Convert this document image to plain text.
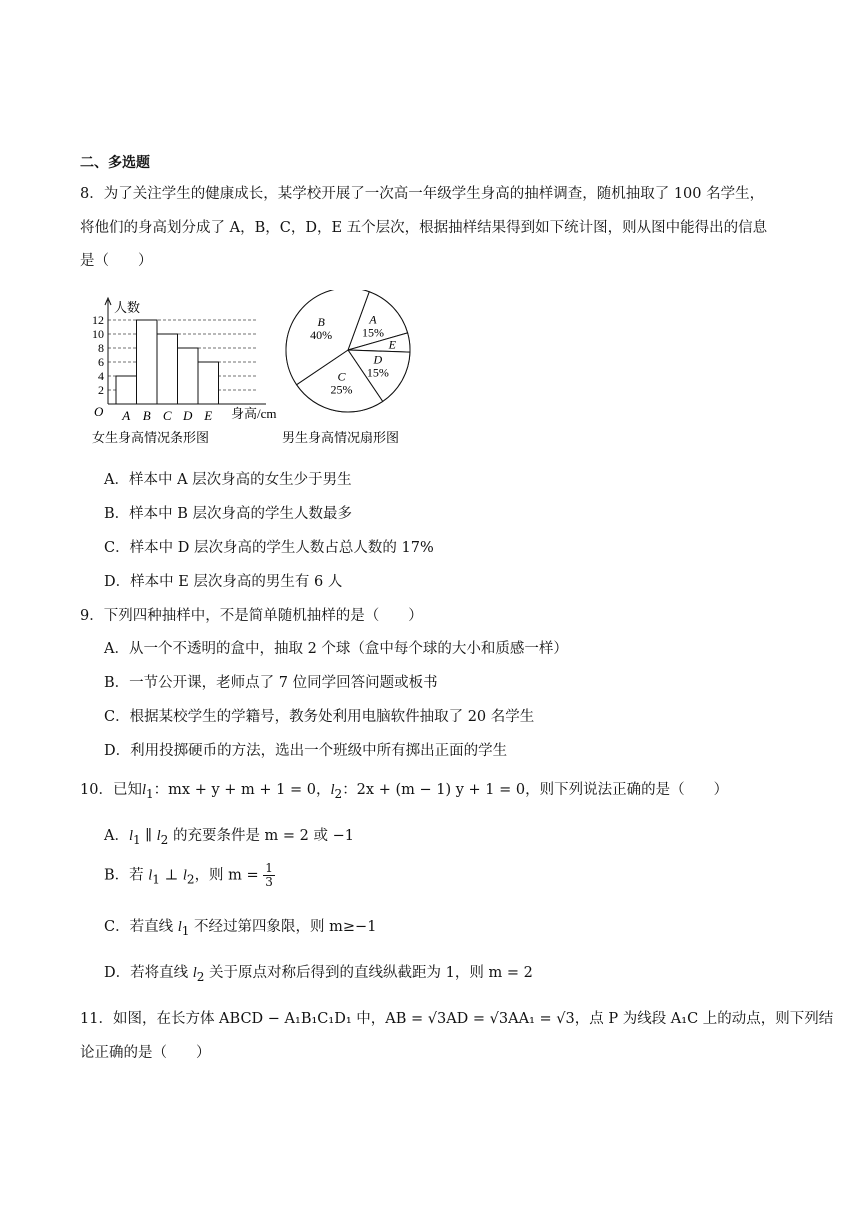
二、多选题
8．为了关注学生的健康成长，某学校开展了一次高一年级学生身高的抽样调查，随机抽取了 100 名学生，
将他们的身高划分成了 A，B，C，D，E 五个层次，根据抽样结果得到如下统计图，则从图中能得出的信息
是（　　）
2
4
6
8
10
12
A B C D E
人数
O	身高/cm
女生身高情况条形图
A
15%
E
D
15%
C
25%
B
40%
男生身高情况扇形图
A．样本中 A 层次身高的女生少于男生
B．样本中 B 层次身高的学生人数最多
C．样本中 D 层次身高的学生人数占总人数的 17%
D．样本中 E 层次身高的男生有 6 人
9．下列四种抽样中，不是简单随机抽样的是（　　）
A．从一个不透明的盒中，抽取 2 个球（盒中每个球的大小和质感一样）
B．一节公开课，老师点了 7 位同学回答问题或板书
C．根据某校学生的学籍号，教务处利用电脑软件抽取了 20 名学生
D．利用投掷硬币的方法，选出一个班级中所有掷出正面的学生
10．已知$l_1$：mx + y + m + 1 = 0，$l_2$：2x + (m − 1) y + 1 = 0，则下列说法正确的是（　　）
A．$l_1$ ∥ $l_2$ 的充要条件是 m = 2 或 −1
B．若 $l_1$ ⊥ $l_2$，则 $m = \frac{1}{3}$
C．若直线 $l_1$ 不经过第四象限，则 m≥−1
D．若将直线 $l_2$ 关于原点对称后得到的直线纵截距为 1，则 m = 2
11．如图，在长方体 ABCD − A₁B₁C₁D₁ 中，AB = √3AD = √3AA₁ = √3，点 P 为线段 A₁C 上的动点，则下列结
论正确的是（　　）
